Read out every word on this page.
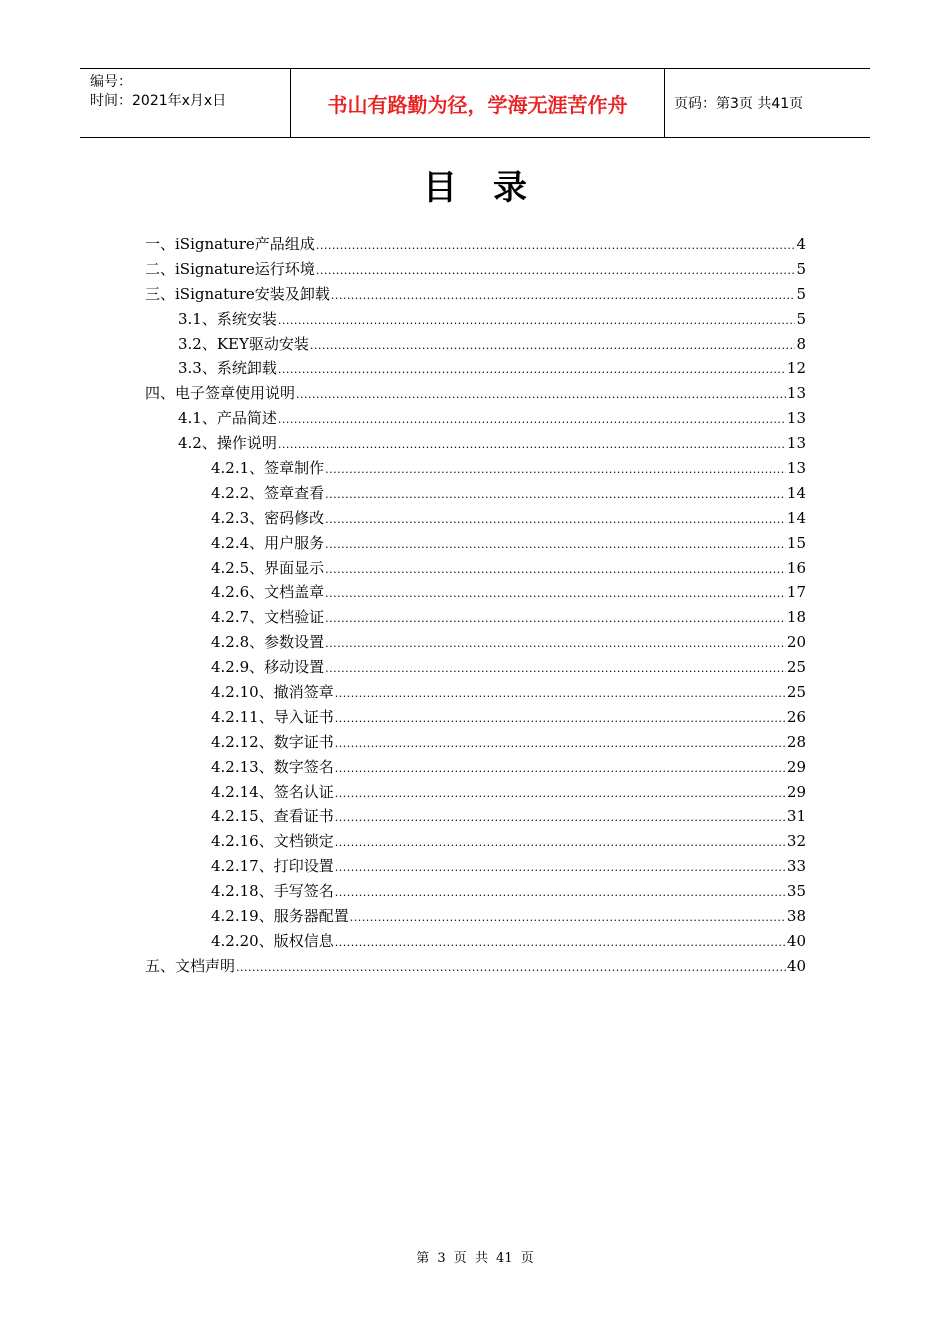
编号：
时间：2021年x月x日	书山有路勤为径，学海无涯苦作舟	页码：第3页 共41页
目录
一、iSignature产品组成 .....	4
二、iSignature运行环境 .....	5
三、iSignature安装及卸载 .....	5
3.1、系统安装 .....	5
3.2、KEY驱动安装 .....	8
3.3、系统卸载 .....	12
四、电子签章使用说明 .....	13
4.1、产品简述 .....	13
4.2、操作说明 .....	13
4.2.1、签章制作 .....	13
4.2.2、签章查看 .....	14
4.2.3、密码修改 .....	14
4.2.4、用户服务 .....	15
4.2.5、界面显示 .....	16
4.2.6、文档盖章 .....	17
4.2.7、文档验证 .....	18
4.2.8、参数设置 .....	20
4.2.9、移动设置 .....	25
4.2.10、撤消签章 .....	25
4.2.11、导入证书 .....	26
4.2.12、数字证书 .....	28
4.2.13、数字签名 .....	29
4.2.14、签名认证 .....	29
4.2.15、查看证书 .....	31
4.2.16、文档锁定 .....	32
4.2.17、打印设置 .....	33
4.2.18、手写签名 .....	35
4.2.19、服务器配置 .....	38
4.2.20、版权信息 .....	40
五、文档声明 .....	40
第 3 页 共 41 页
